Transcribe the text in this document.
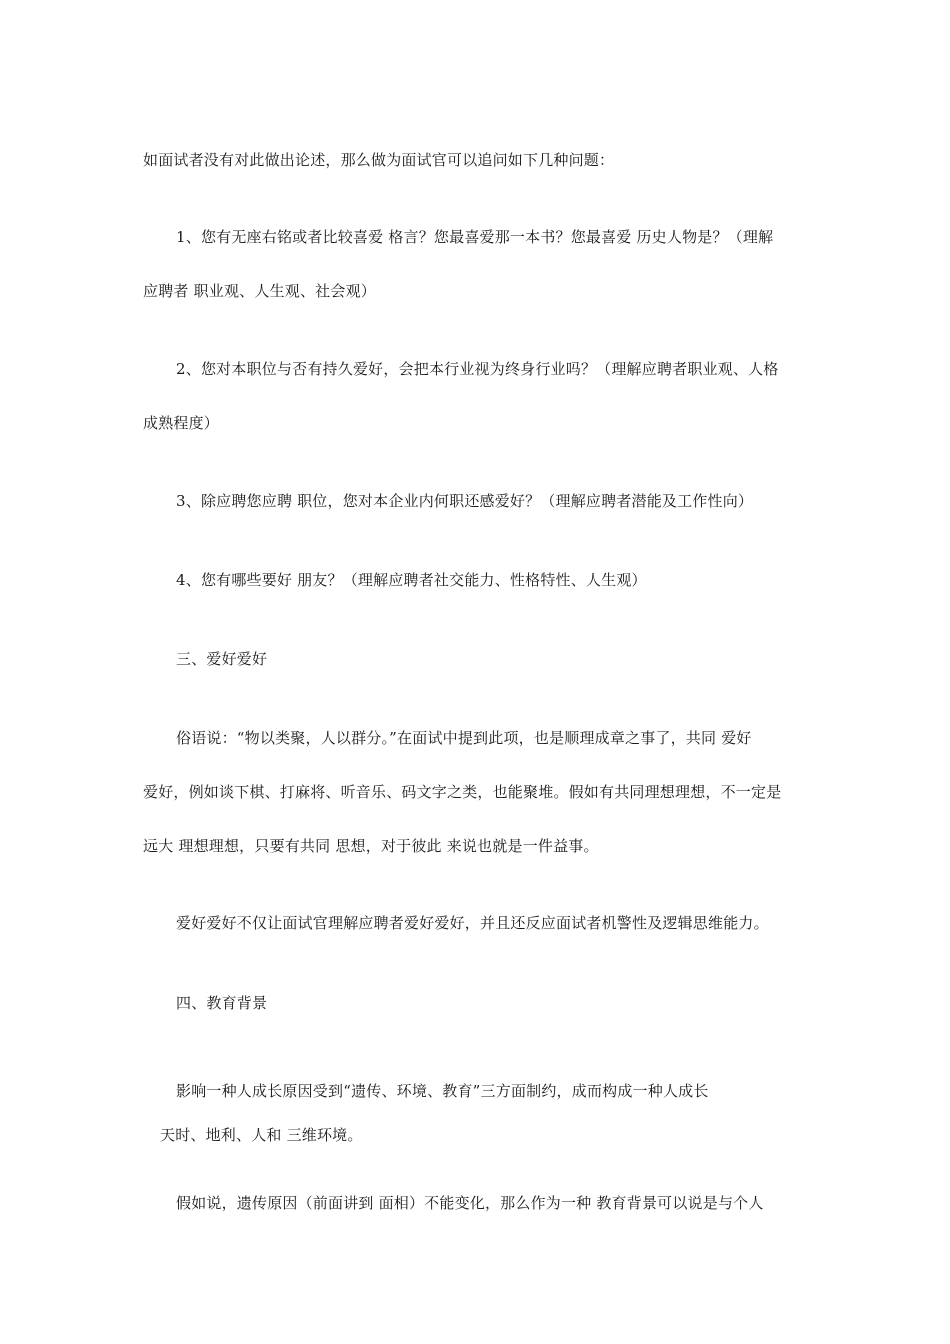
如面试者没有对此做出论述，那么做为面试官可以追问如下几种问题：
1、您有无座右铭或者比较喜爱 格言？您最喜爱那一本书？您最喜爱 历史人物是？（理解
应聘者 职业观、人生观、社会观）
2、您对本职位与否有持久爱好，会把本行业视为终身行业吗？（理解应聘者职业观、人格
成熟程度）
3、除应聘您应聘 职位，您对本企业内何职还感爱好？（理解应聘者潜能及工作性向）
4、您有哪些要好 朋友？（理解应聘者社交能力、性格特性、人生观）
三、爱好爱好
俗语说：“物以类聚，人以群分。”在面试中提到此项，也是顺理成章之事了，共同 爱好
爱好，例如谈下棋、打麻将、听音乐、码文字之类，也能聚堆。假如有共同理想理想，不一定是
远大 理想理想，只要有共同 思想，对于彼此 来说也就是一件益事。
爱好爱好不仅让面试官理解应聘者爱好爱好，并且还反应面试者机警性及逻辑思维能力。
四、教育背景
影响一种人成长原因受到“遗传、环境、教育”三方面制约，成而构成一种人成长
天时、地利、人和 三维环境。
假如说，遗传原因（前面讲到 面相）不能变化，那么作为一种 教育背景可以说是与个人
